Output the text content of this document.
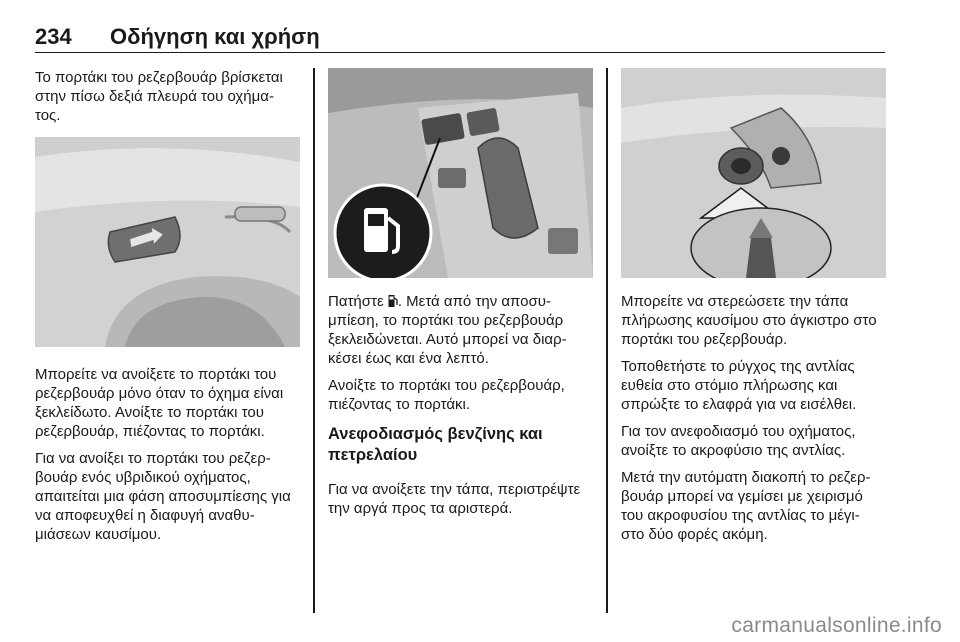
234 Οδήγηση και χρήση

Το πορτάκι του ρεζερβουάρ βρίσκεται στην πίσω δεξιά πλευρά του οχήμα- τος.

Μπορείτε να ανοίξετε το πορτάκι του ρεζερβουάρ μόνο όταν το όχημα είναι ξεκλείδωτο. Ανοίξτε το πορτάκι του ρεζερβουάρ, πιέζοντας το πορτάκι.

Για να ανοίξει το πορτάκι του ρεζερ- βουάρ ενός υβριδικού οχήματος, απαιτείται μια φάση αποσυμπίεσης για να αποφευχθεί η διαφυγή αναθυ- μιάσεων καυσίμου.

Πατήστε . Μετά από την αποσυ- μπίεση, το πορτάκι του ρεζερβουάρ ξεκλειδώνεται. Αυτό μπορεί να διαρ- κέσει έως και ένα λεπτό.

Ανοίξτε το πορτάκι του ρεζερβουάρ, πιέζοντας το πορτάκι.

Ανεφοδιασμός βενζίνης και πετρελαίου

Για να ανοίξετε την τάπα, περιστρέψτε την αργά προς τα αριστερά.

Μπορείτε να στερεώσετε την τάπα πλήρωσης καυσίμου στο άγκιστρο στο πορτάκι του ρεζερβουάρ.

Τοποθετήστε το ρύγχος της αντλίας ευθεία στο στόμιο πλήρωσης και σπρώξτε το ελαφρά για να εισέλθει.

Για τον ανεφοδιασμό του οχήματος, ανοίξτε το ακροφύσιο της αντλίας.

Μετά την αυτόματη διακοπή το ρεζερ- βουάρ μπορεί να γεμίσει με χειρισμό του ακροφυσίου της αντλίας το μέγι- στο δύο φορές ακόμη.

carmanualsonline.info
